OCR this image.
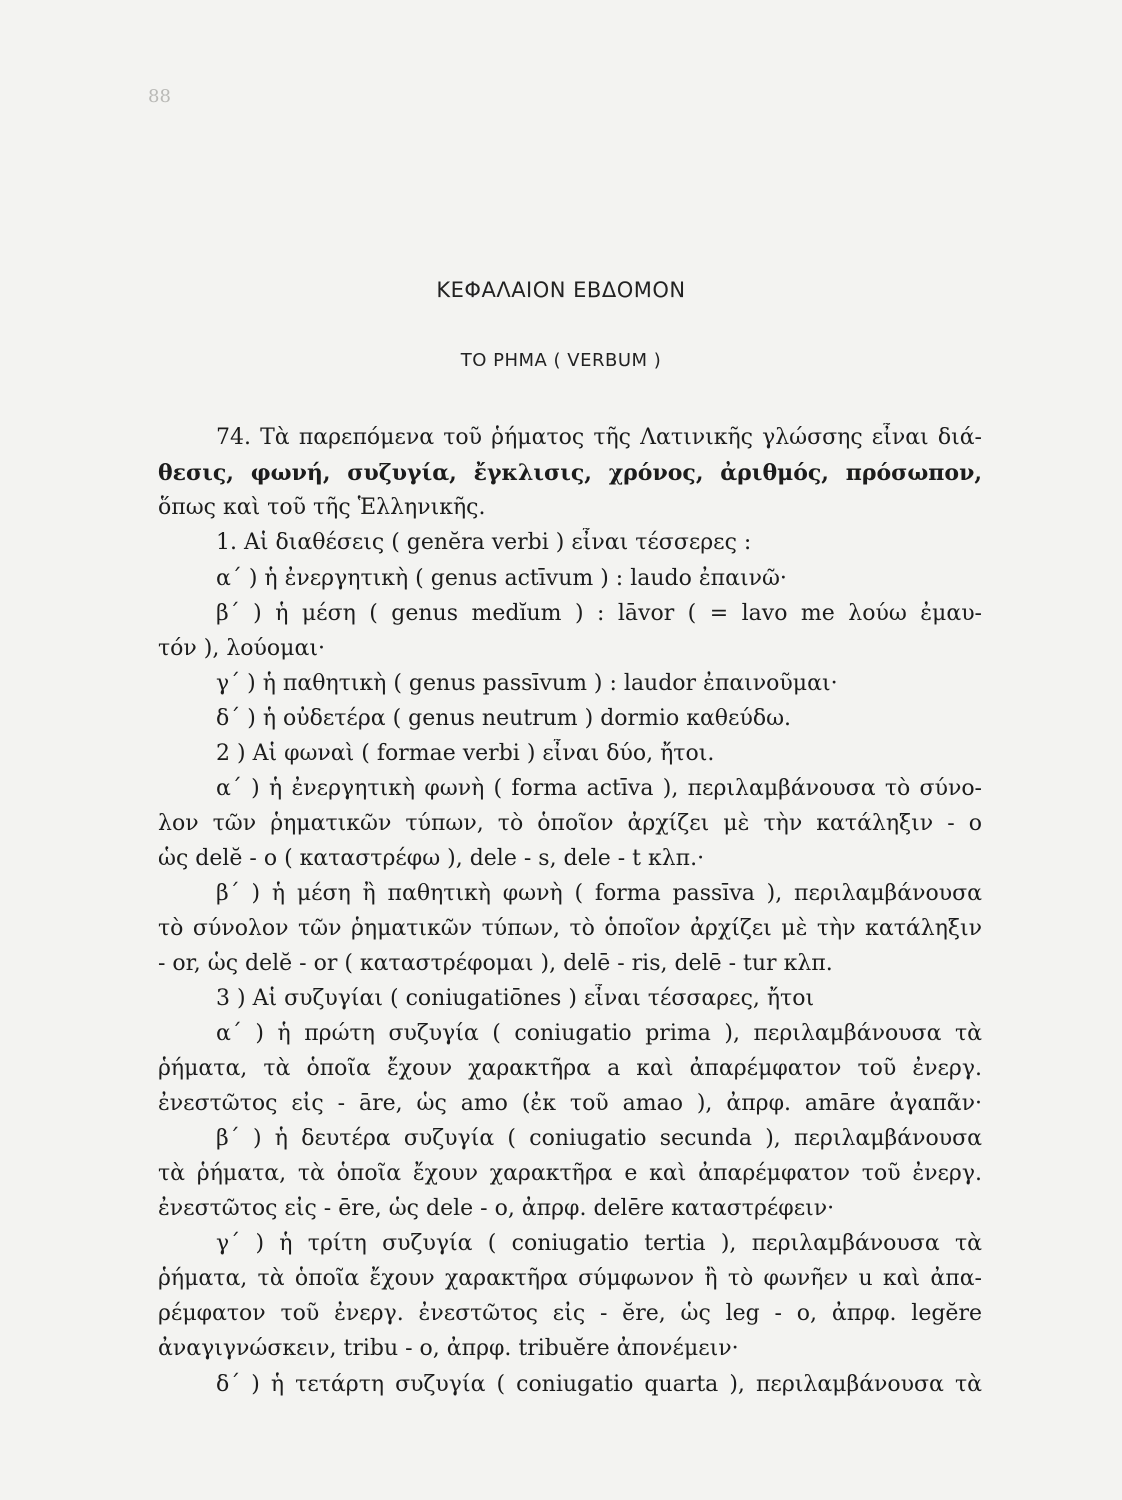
88
ΚΕΦΑΛΑΙΟΝ ΕΒΔΟΜΟΝ
ΤΟ ΡΗΜΑ ( VERBUM )
74. Τὰ παρεπόμενα τοῦ ῥήματος τῆς Λατινικῆς γλώσσης εἶναι διά-
θεσις, φωνή, συζυγία, ἔγκλισις, χρόνος, ἀριθμός, πρόσωπον,
ὅπως καὶ τοῦ τῆς Ἑλληνικῆς.
1. Αἱ διαθέσεις ( genĕra verbi ) εἶναι τέσσερες :
α΄ ) ἡ ἐνεργητικὴ ( genus actīvum ) : laudo ἐπαινῶ·
β΄ ) ἡ μέση ( genus medĭum ) : lāvor ( = lavo me λούω ἐμαυ-
τόν ), λούομαι·
γ΄ ) ἡ παθητικὴ ( genus passīvum ) : laudor ἐπαινοῦμαι·
δ΄ ) ἡ οὐδετέρα ( genus neutrum ) dormio καθεύδω.
2 ) Αἱ φωναὶ ( formae verbi ) εἶναι δύο, ἤτοι.
α΄ ) ἡ ἐνεργητικὴ φωνὴ ( forma actīva ), περιλαμβάνουσα τὸ σύνο-
λον τῶν ῥηματικῶν τύπων, τὸ ὁποῖον ἀρχίζει μὲ τὴν κατάληξιν - o
ὡς delĕ - o ( καταστρέφω ), dele - s, dele - t κλπ.·
β΄ ) ἡ μέση ἢ παθητικὴ φωνὴ ( forma passīva ), περιλαμβάνουσα
τὸ σύνολον τῶν ῥηματικῶν τύπων, τὸ ὁποῖον ἀρχίζει μὲ τὴν κατάληξιν
- or, ὡς delĕ - or ( καταστρέφομαι ), delē - ris, delē - tur κλπ.
3 ) Αἱ συζυγίαι ( coniugatiōnes ) εἶναι τέσσαρες, ἤτοι
α΄ ) ἡ πρώτη συζυγία ( coniugatio prima ), περιλαμβάνουσα τὰ
ῥήματα, τὰ ὁποῖα ἔχουν χαρακτῆρα a καὶ ἀπαρέμφατον τοῦ ἐνεργ.
ἐνεστῶτος εἰς - āre, ὡς amo (ἐκ τοῦ amao ), ἀπρφ. amāre ἀγαπᾶν·
β΄ ) ἡ δευτέρα συζυγία ( coniugatio secunda ), περιλαμβάνουσα
τὰ ῥήματα, τὰ ὁποῖα ἔχουν χαρακτῆρα e καὶ ἀπαρέμφατον τοῦ ἐνεργ.
ἐνεστῶτος εἰς - ēre, ὡς dele - o, ἀπρφ. delēre καταστρέφειν·
γ΄ ) ἡ τρίτη συζυγία ( coniugatio tertia ), περιλαμβάνουσα τὰ
ῥήματα, τὰ ὁποῖα ἔχουν χαρακτῆρα σύμφωνον ἢ τὸ φωνῆεν u καὶ ἀπα-
ρέμφατον τοῦ ἐνεργ. ἐνεστῶτος εἰς - ĕre, ὡς leg - o, ἀπρφ. legĕre
ἀναγιγνώσκειν, tribu - o, ἀπρφ. tribuĕre ἀπονέμειν·
δ΄ ) ἡ τετάρτη συζυγία ( coniugatio quarta ), περιλαμβάνουσα τὰ
